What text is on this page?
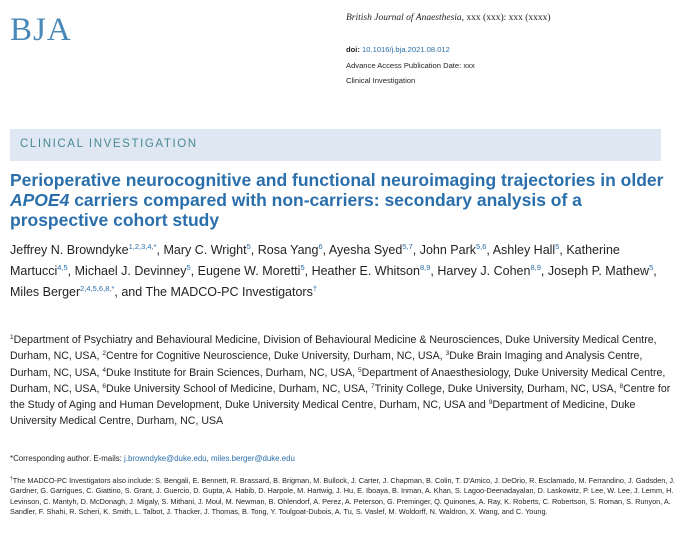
BJA	British Journal of Anaesthesia, xxx (xxx): xxx (xxxx)
doi: 10.1016/j.bja.2021.08.012
Advance Access Publication Date: xxx
Clinical Investigation
CLINICAL INVESTIGATION
Perioperative neurocognitive and functional neuroimaging trajectories in older APOE4 carriers compared with non-carriers: secondary analysis of a prospective cohort study
Jeffrey N. Browndyke$^{1,2,3,4,*}$, Mary C. Wright$^5$, Rosa Yang$^6$, Ayesha Syed$^{5,7}$, John Park$^{5,6}$, Ashley Hall$^5$, Katherine Martucci$^{4,5}$, Michael J. Devinney$^5$, Eugene W. Moretti$^5$, Heather E. Whitson$^{8,9}$, Harvey J. Cohen$^{8,9}$, Joseph P. Mathew$^5$, Miles Berger$^{2,4,5,6,8,*}$, and The MADCO-PC Investigators†
$^1$Department of Psychiatry and Behavioural Medicine, Division of Behavioural Medicine & Neurosciences, Duke University Medical Centre, Durham, NC, USA, $^2$Centre for Cognitive Neuroscience, Duke University, Durham, NC, USA, $^3$Duke Brain Imaging and Analysis Centre, Durham, NC, USA, $^4$Duke Institute for Brain Sciences, Durham, NC, USA, $^5$Department of Anaesthesiology, Duke University Medical Centre, Durham, NC, USA, $^6$Duke University School of Medicine, Durham, NC, USA, $^7$Trinity College, Duke University, Durham, NC, USA, $^8$Centre for the Study of Aging and Human Development, Duke University Medical Centre, Durham, NC, USA and $^9$Department of Medicine, Duke University Medical Centre, Durham, NC, USA
*Corresponding author. E-mails: j.browndyke@duke.edu, miles.berger@duke.edu
†The MADCO-PC Investigators also include: S. Bengali, E. Bennett, R. Brassard, B. Brigman, M. Bullock, J. Carter, J. Chapman, B. Colin, T. D'Amico, J. DeOrio, R. Esclamado, M. Ferrandino, J. Gadsden, J. Gardner, G. Garrigues, C. Giattino, S. Grant, J. Guercio, D. Gupta, A. Habib, D. Harpole, M. Hartwig, J. Hu, E. Iboaya, B. Inman, A. Khan, S. Lagoo-Deenadayalan, D. Laskowitz, P. Lee, W. Lee, J. Lemm, H. Levinson, C. Mantyh, D. McDonagh, J. Migaly, S. Mithani, J. Moul, M. Newman, B. Ohlendorf, A. Perez, A. Peterson, G. Preminger, Q. Quinones, A. Ray, K. Roberts, C. Robertson, S. Roman, S. Runyon, A. Sandler, F. Shahi, R. Scheri, K. Smith, L. Talbot, J. Thacker, J. Thomas, B. Tong, Y. Toulgoat-Dubois, A. Tu, S. Vaslef, M. Woldorff, N. Waldron, X. Wang, and C. Young.
